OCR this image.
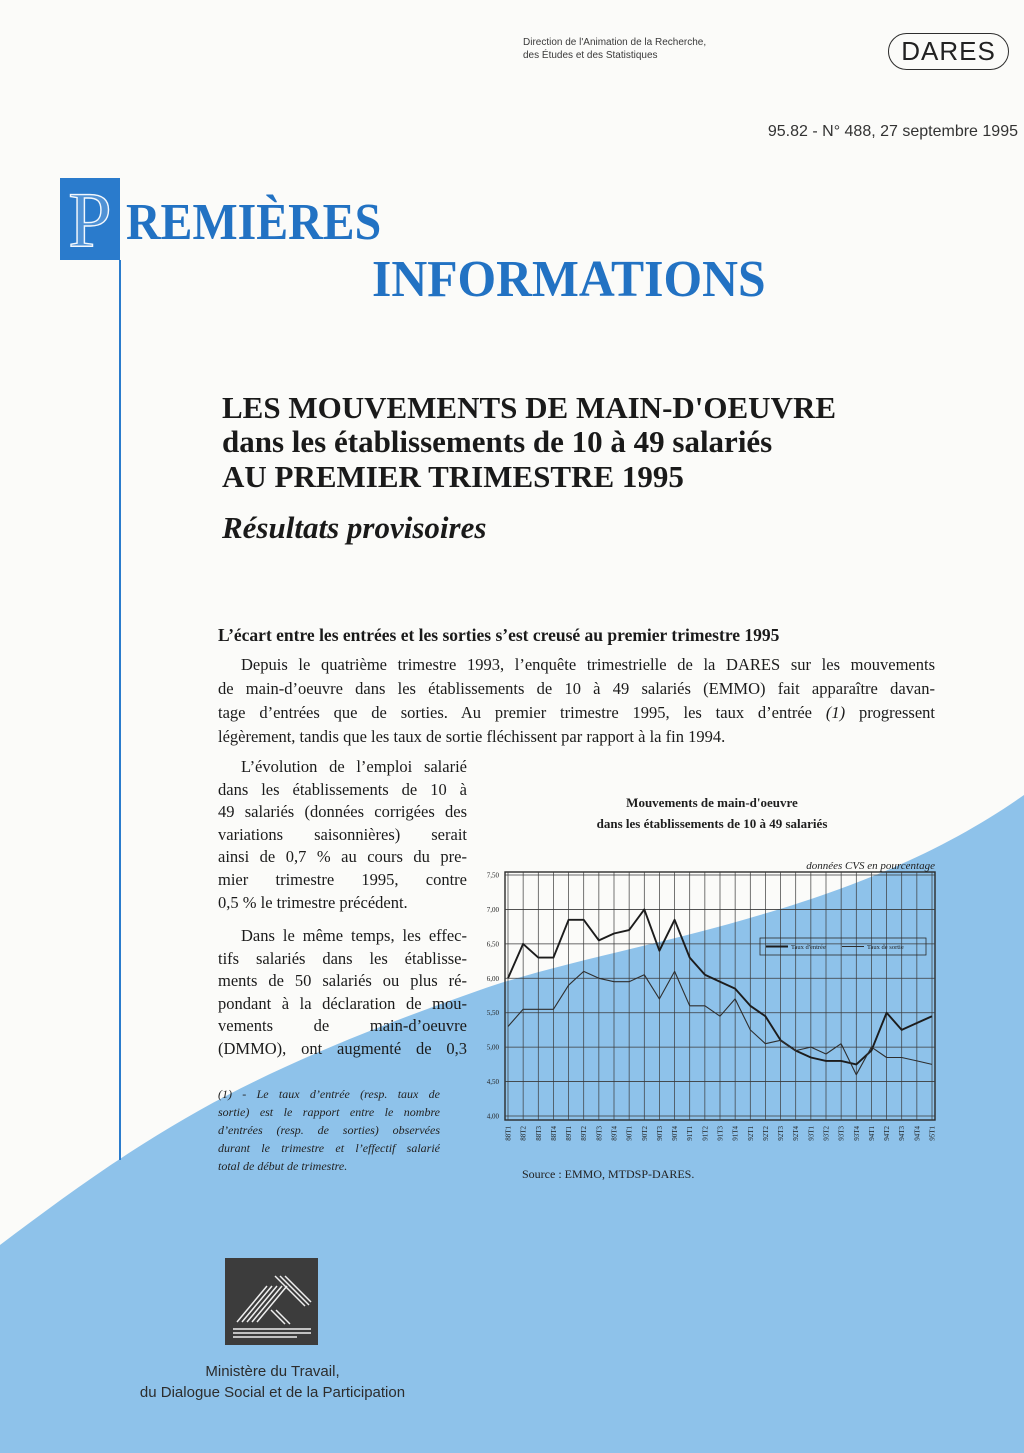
Direction de l'Animation de la Recherche,
des Études et des Statistiques	DARES
95.82 - N° 488, 27 septembre 1995
P REMIÈRES
INFORMATIONS
LES MOUVEMENTS DE MAIN-D'OEUVRE
dans les établissements de 10 à 49 salariés
AU PREMIER TRIMESTRE 1995
Résultats provisoires
L’écart entre les entrées et les sorties s’est creusé au premier trimestre 1995
Depuis le quatrième trimestre 1993, l’enquête trimestrielle de la DARES sur les mouvements
de main-d’oeuvre dans les établissements de 10 à 49 salariés (EMMO) fait apparaître davan-
tage d’entrées que de sorties. Au premier trimestre 1995, les taux d’entrée (1) progressent
légèrement, tandis que les taux de sortie fléchissent par rapport à la fin 1994.
L’évolution de l’emploi salarié
dans les établissements de 10 à
49 salariés (données corrigées des
variations saisonnières) serait
ainsi de 0,7 % au cours du pre-
mier trimestre 1995, contre
0,5 % le trimestre précédent.
Dans le même temps, les effec-
tifs salariés dans les établisse-
ments de 50 salariés ou plus ré-
pondant à la déclaration de mou-
vements de main-d’oeuvre
(DMMO), ont augmenté de 0,3
(1) - Le taux d’entrée (resp. taux de
sortie) est le rapport entre le nombre
d’entrées (resp. de sorties) observées
durant le trimestre et l’effectif salarié
total de début de trimestre.
Mouvements de main-d'oeuvre
dans les établissements de 10 à 49 salariés
données CVS en pourcentage
4,00
4,50
5,00
5,50
6,00
6,50
7,00
7,50
88T1 88T2 88T3 88T4 89T1 89T2 89T3 89T4 90T1 90T2 90T3 90T4 91T1 91T2 91T3 91T4 92T1 92T2 92T3 92T4 93T1 93T2 93T3 93T4 94T1 94T2 94T3 94T4 95T1
Taux d'entrée	Taux de sortie
Source : EMMO, MTDSP-DARES.
Ministère du Travail,
du Dialogue Social et de la Participation
